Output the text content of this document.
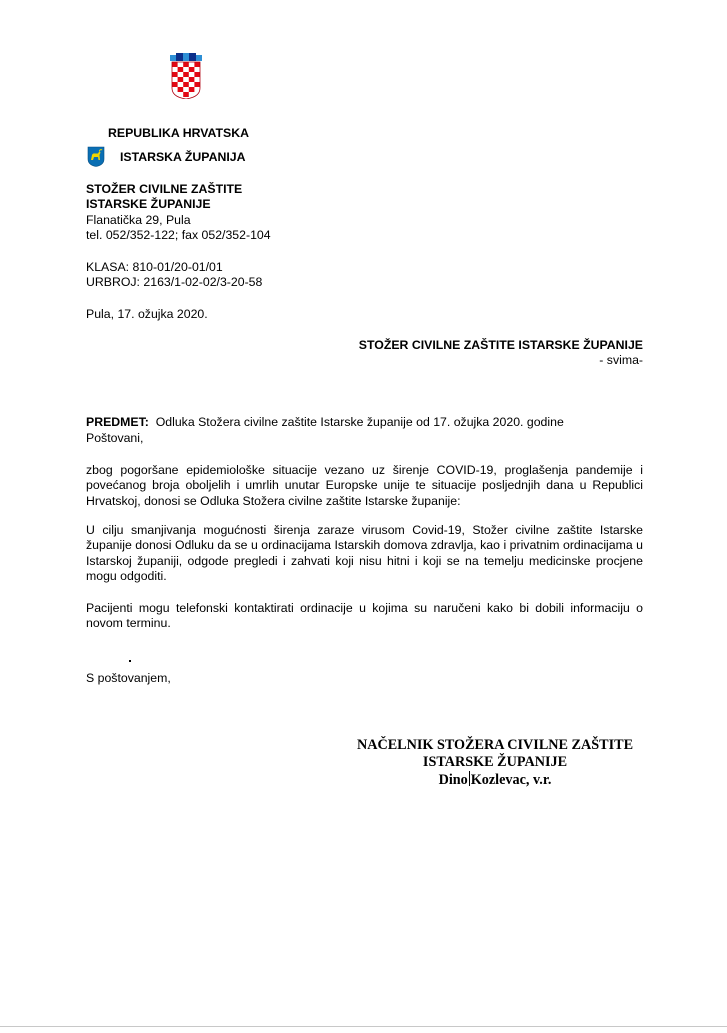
REPUBLIKA HRVATSKA
ISTARSKA ŽUPANIJA
STOŽER CIVILNE ZAŠTITE
ISTARSKE ŽUPANIJE
Flanatička 29, Pula
tel. 052/352-122; fax 052/352-104
KLASA: 810-01/20-01/01
URBROJ: 2163/1-02-02/3-20-58
Pula, 17. ožujka 2020.
STOŽER CIVILNE ZAŠTITE ISTARSKE ŽUPANIJE
- svima-
PREDMET: Odluka Stožera civilne zaštite Istarske županije od 17. ožujka 2020. godine
Poštovani,
zbog pogoršane epidemiološke situacije vezano uz širenje COVID-19, proglašenja pandemije i povećanog broja oboljelih i umrlih unutar Europske unije te situacije posljednjih dana u Republici Hrvatskoj, donosi se Odluka Stožera civilne zaštite Istarske županije:
U cilju smanjivanja mogućnosti širenja zaraze virusom Covid-19, Stožer civilne zaštite Istarske županije donosi Odluku da se u ordinacijama Istarskih domova zdravlja, kao i privatnim ordinacijama u Istarskoj županiji, odgode pregledi i zahvati koji nisu hitni i koji se na temelju medicinske procjene mogu odgoditi.
Pacijenti mogu telefonski kontaktirati ordinacije u kojima su naručeni kako bi dobili informaciju o novom terminu.
S poštovanjem,
NAČELNIK STOŽERA CIVILNE ZAŠTITE
ISTARSKE ŽUPANIJE
Dino Kozlevac, v.r.
